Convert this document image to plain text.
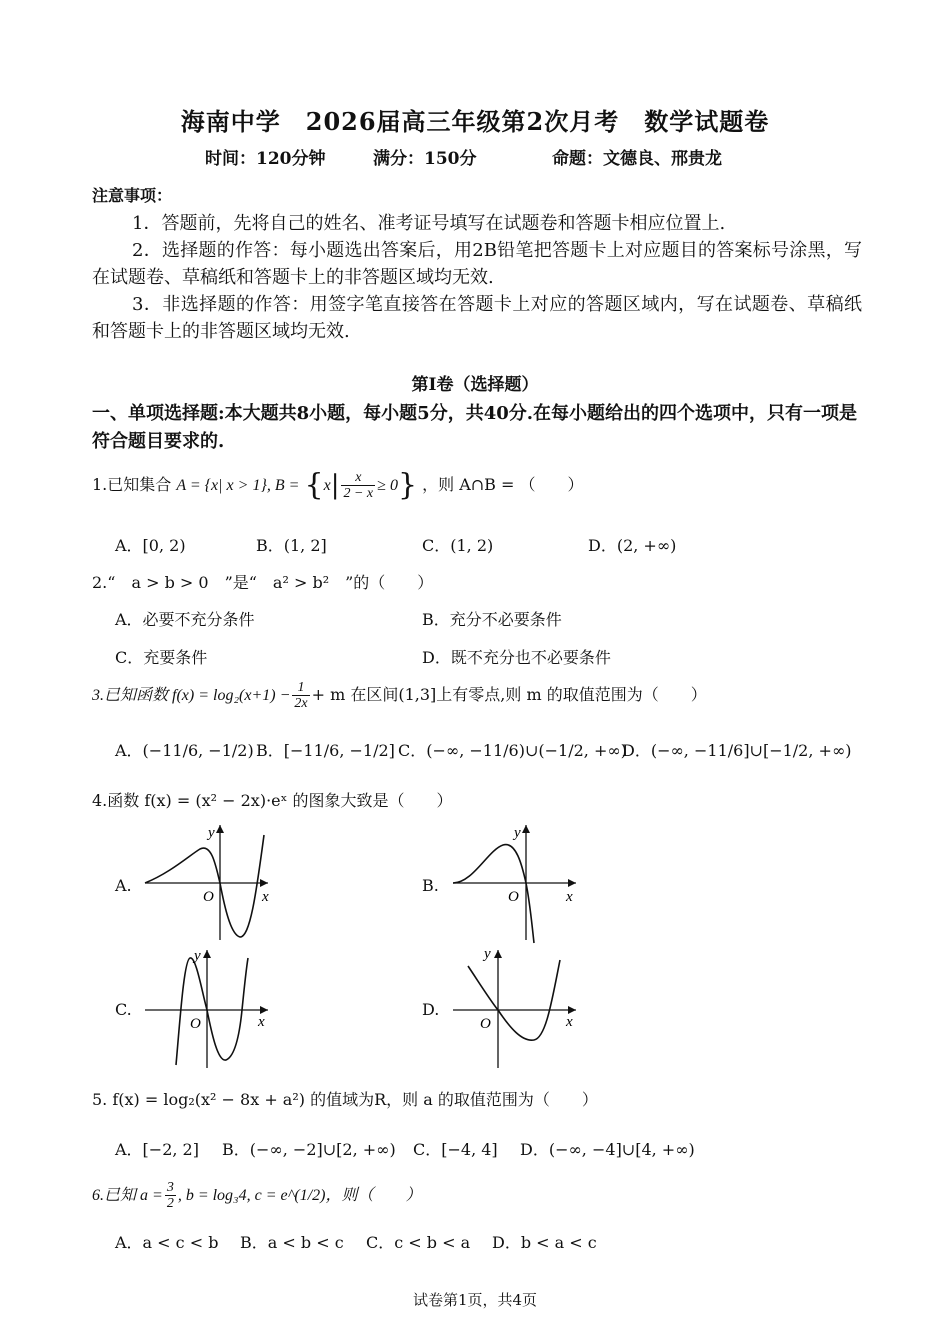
海南中学　2026届高三年级第2次月考　数学试题卷
时间：120分钟	满分：150分	命题：文德良、邢贵龙
注意事项：
1．答题前，先将自己的姓名、准考证号填写在试题卷和答题卡相应位置上.
2．选择题的作答：每小题选出答案后，用2B铅笔把答题卡上对应题目的答案标号涂黑，写在试题卷、草稿纸和答题卡上的非答题区域均无效.
3．非选择题的作答：用签字笔直接答在答题卡上对应的答题区域内，写在试题卷、草稿纸和答题卡上的非答题区域均无效.
第Ⅰ卷（选择题）
一、单项选择题:本大题共8小题，每小题5分，共40分.在每小题给出的四个选项中，只有一项是符合题目要求的.
1.已知集合 A = {x| x > 1}, $B = \{x| \frac{x}{2 - x} \ge 0\}$ ，则 A∩B = （　　）
A．[0, 2)	B．(1, 2]	C．(1, 2)	D．(2, +∞)
2.“　a > b > 0　”是“　a² > b²　”的（　　）
A．必要不充分条件	B．充分不必要条件
C．充要条件	D．既不充分也不必要条件
3.已知函数 $f(x) = \log_2(x+1) - \frac{1}{2x} + m$ 在区间(1,3]上有零点,则 m 的取值范围为（　　）
A．(−11/6, −1/2) B．[−11/6, −1/2] C．(−∞, −11/6)∪(−1/2, +∞)
D．(−∞, −11/6]∪[−1/2, +∞)
4.函数 f(x) = (x² − 2x)·eˣ 的图象大致是（　　）
A.
y
x
O
B.
y
x
O
C.
y
x
O
D.
y
x
O
5. f(x) = log₂(x² − 8x + a²) 的值域为R，则 a 的取值范围为（　　）
A．[−2, 2] B．(−∞, −2]∪[2, +∞) C．[−4, 4] D．(−∞, −4]∪[4, +∞)
6.已知 $a = \frac{3}{2}$ , b = log₃4, c = e^(1/2)，则（　　）
A．a < c < b B．a < b < c C．c < b < a D．b < a < c
试卷第1页，共4页
